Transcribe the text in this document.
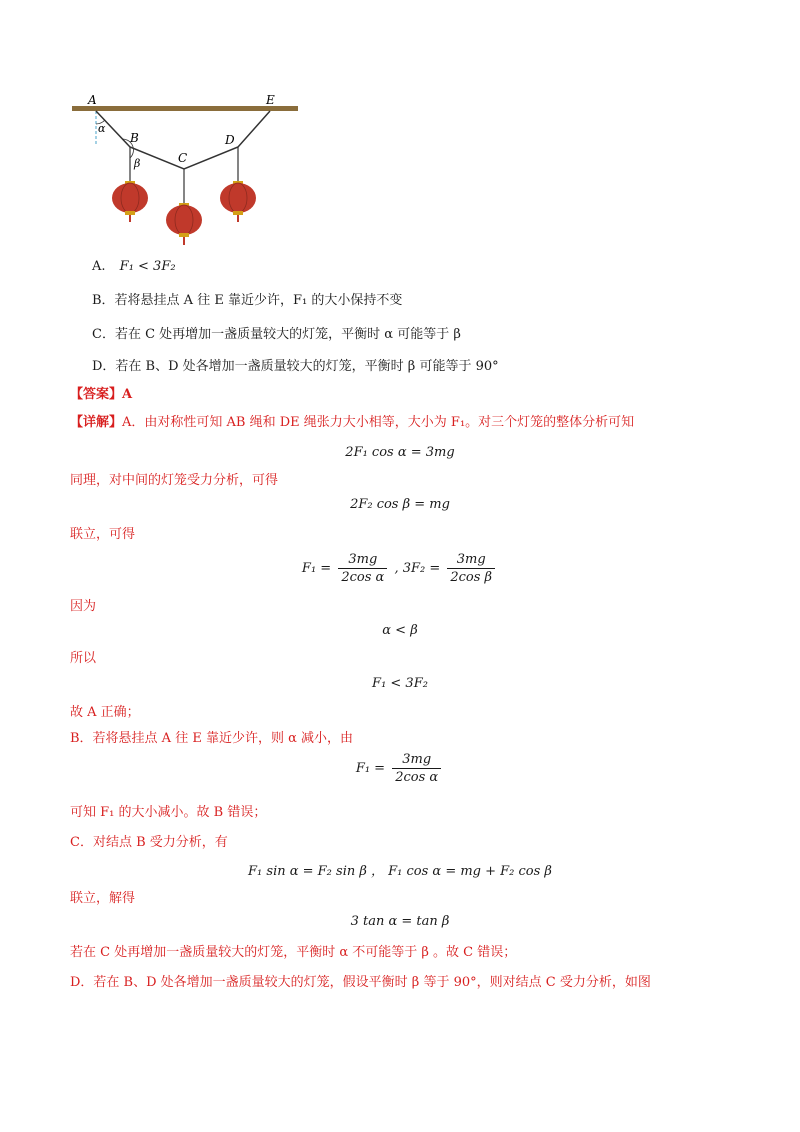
A	E
B
C
D
α
β
A. F₁ < 3F₂
B．若将悬挂点 A 往 E 靠近少许，F₁ 的大小保持不变
C．若在 C 处再增加一盏质量较大的灯笼，平衡时 α 可能等于 β
D．若在 B、D 处各增加一盏质量较大的灯笼，平衡时 β 可能等于 90°
【答案】A
【详解】A．由对称性可知 AB 绳和 DE 绳张力大小相等，大小为 F₁。对三个灯笼的整体分析可知
2F₁ cos α = 3mg
同理，对中间的灯笼受力分析，可得
2F₂ cos β = mg
联立，可得
$F_1 = \frac{3mg}{\text{2cos α}}$ , $3F_2 = \frac{3mg}{\text{2cos β}}$
因为
α < β
所以
F₁ < 3F₂
故 A 正确；
B．若将悬挂点 A 往 E 靠近少许，则 α 减小，由
$F_1 = \frac{3mg}{\text{2cos α}}$
可知 F₁ 的大小减小。故 B 错误；
C．对结点 B 受力分析，有
F₁ sin α = F₂ sin β ， F₁ cos α = mg + F₂ cos β
联立，解得
3 tan α = tan β
若在 C 处再增加一盏质量较大的灯笼，平衡时 α 不可能等于 β 。故 C 错误；
D．若在 B、D 处各增加一盏质量较大的灯笼，假设平衡时 β 等于 90°，则对结点 C 受力分析，如图
